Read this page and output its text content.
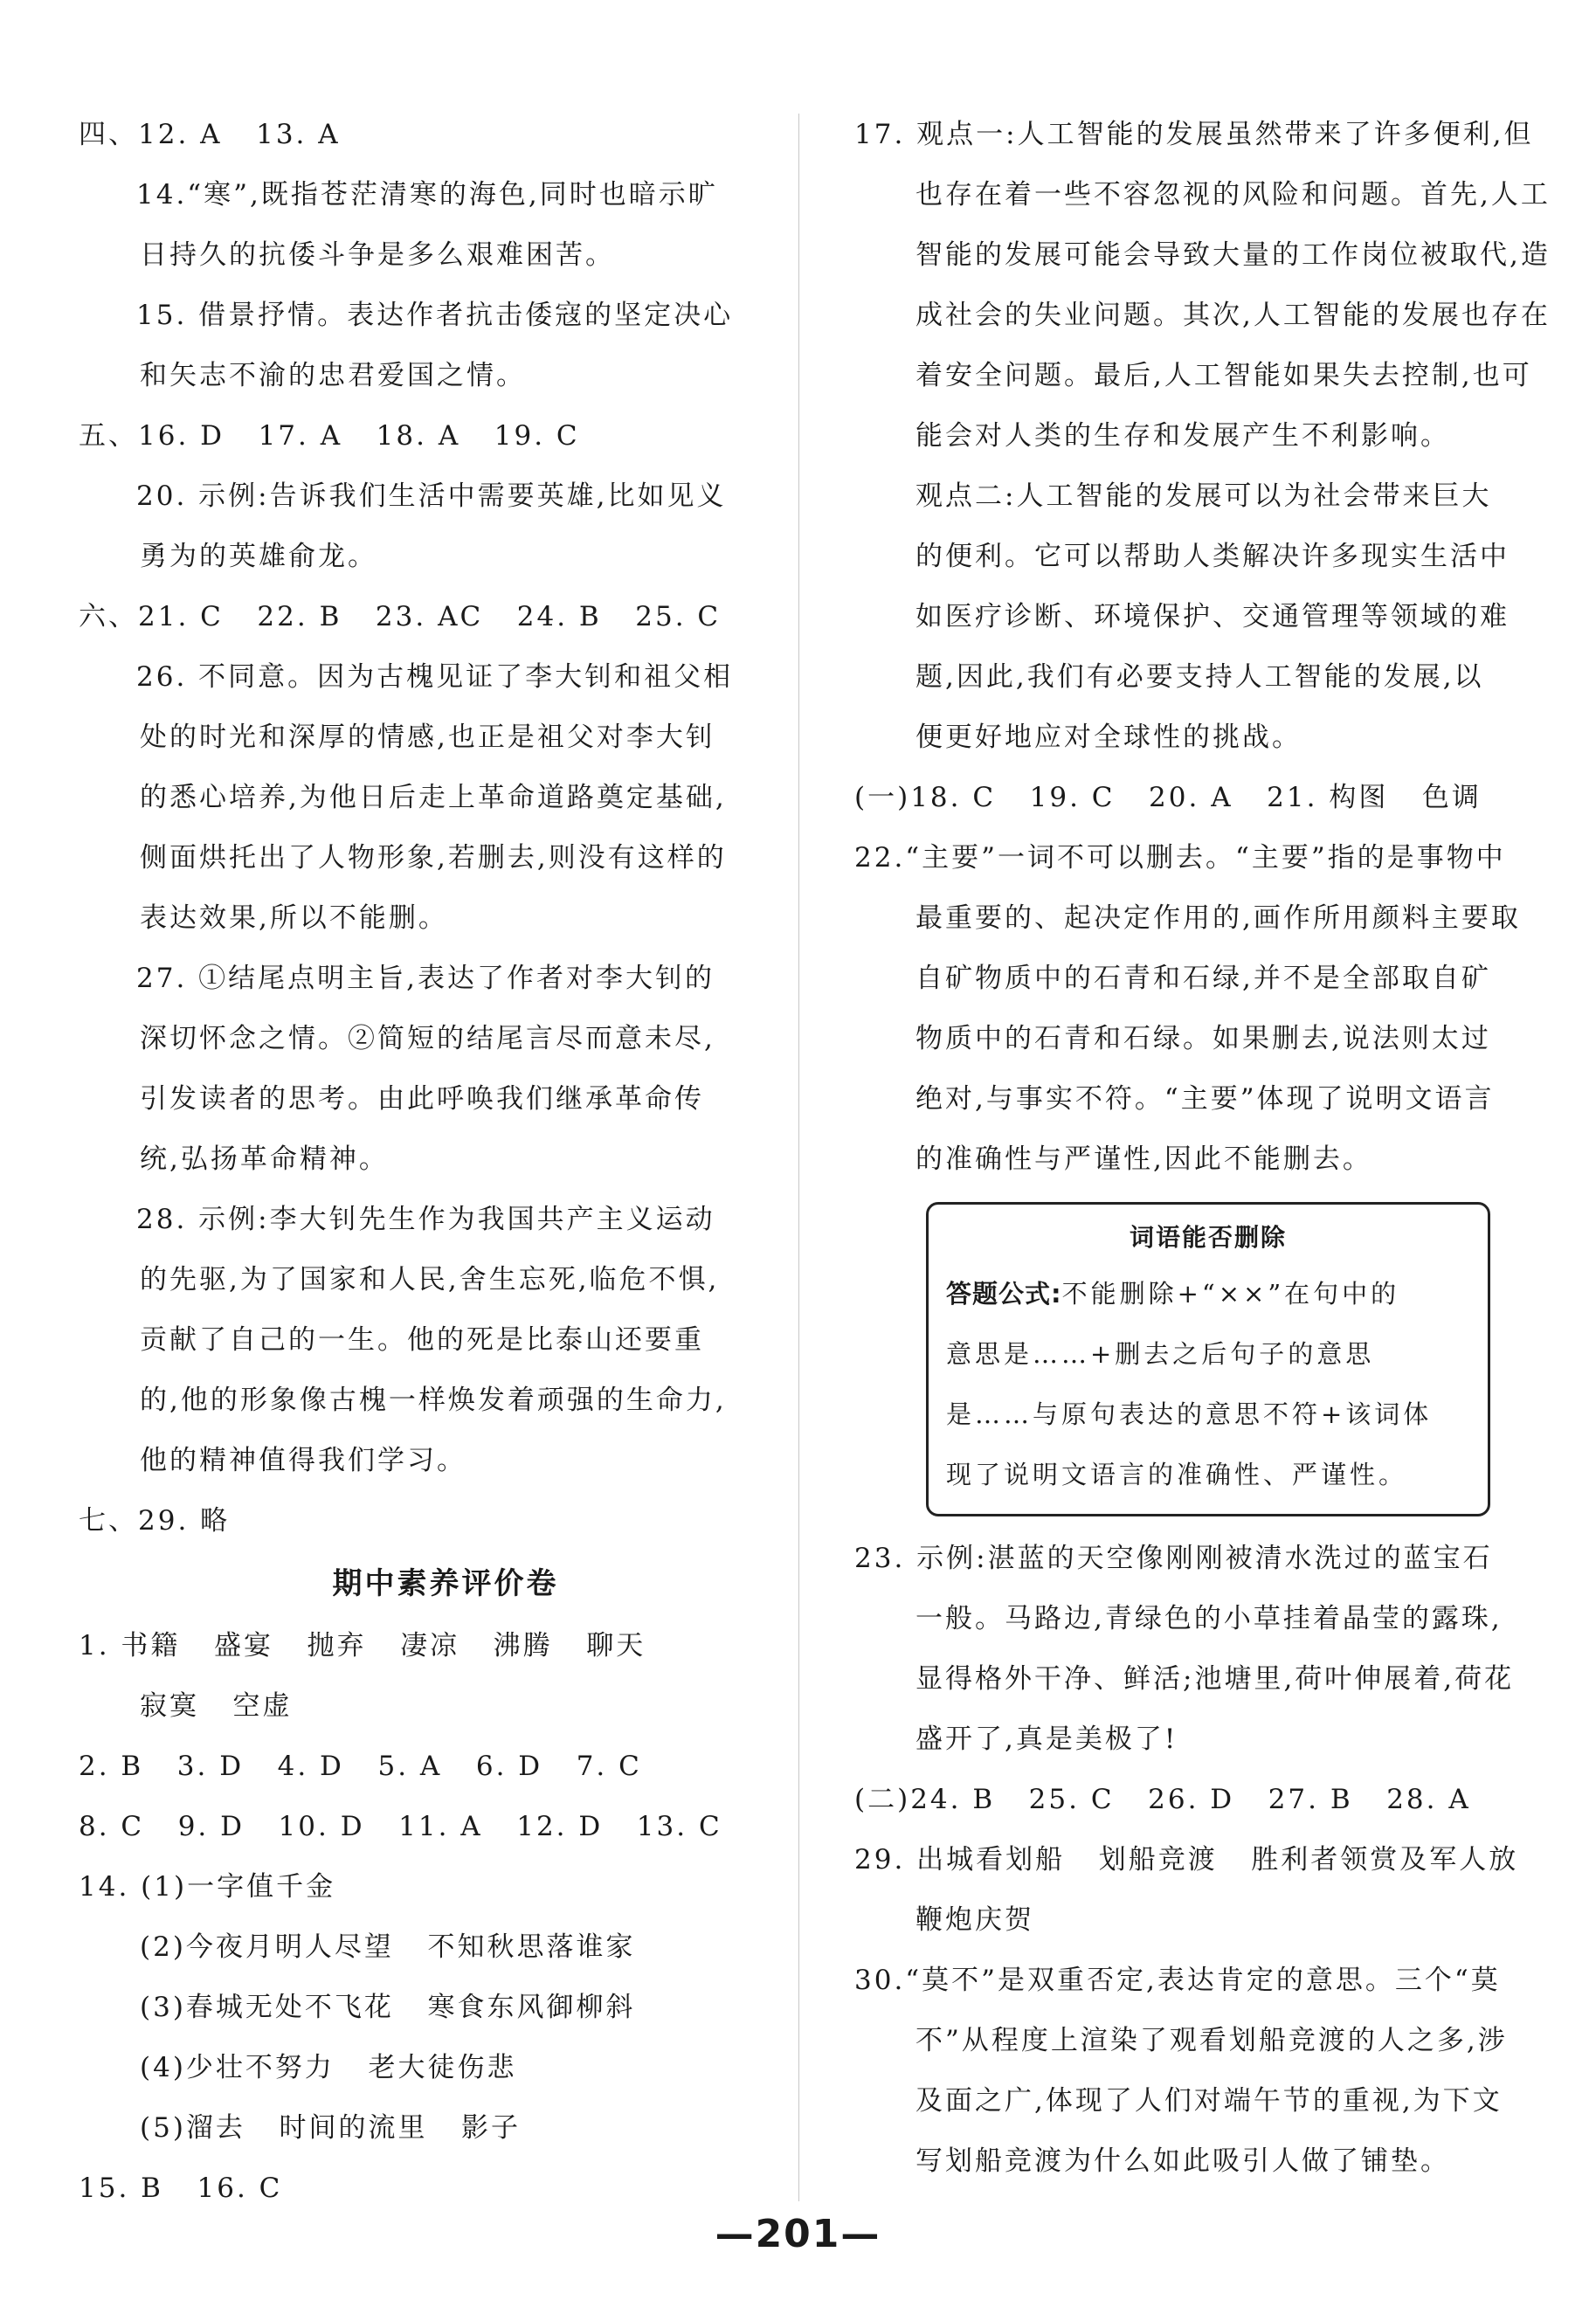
四、12. A   13. A
14.“寒”,既指苍茫清寒的海色,同时也暗示旷
日持久的抗倭斗争是多么艰难困苦。
15. 借景抒情。表达作者抗击倭寇的坚定决心
和矢志不渝的忠君爱国之情。
五、16. D   17. A   18. A   19. C
20. 示例:告诉我们生活中需要英雄,比如见义
勇为的英雄俞龙。
六、21. C   22. B   23. AC   24. B   25. C
26. 不同意。因为古槐见证了李大钊和祖父相
处的时光和深厚的情感,也正是祖父对李大钊
的悉心培养,为他日后走上革命道路奠定基础,
侧面烘托出了人物形象,若删去,则没有这样的
表达效果,所以不能删。
27. ①结尾点明主旨,表达了作者对李大钊的
深切怀念之情。②简短的结尾言尽而意未尽,
引发读者的思考。由此呼唤我们继承革命传
统,弘扬革命精神。
28. 示例:李大钊先生作为我国共产主义运动
的先驱,为了国家和人民,舍生忘死,临危不惧,
贡献了自己的一生。他的死是比泰山还要重
的,他的形象像古槐一样焕发着顽强的生命力,
他的精神值得我们学习。
七、29. 略
期中素养评价卷
1. 书籍   盛宴   抛弃   凄凉   沸腾   聊天
寂寞   空虚
2. B   3. D   4. D   5. A   6. D   7. C
8. C   9. D   10. D   11. A   12. D   13. C
14. (1)一字值千金
(2)今夜月明人尽望   不知秋思落谁家
(3)春城无处不飞花   寒食东风御柳斜
(4)少壮不努力   老大徒伤悲
(5)溜去   时间的流里   影子
15. B   16. C
17. 观点一:人工智能的发展虽然带来了许多便利,但
也存在着一些不容忽视的风险和问题。首先,人工
智能的发展可能会导致大量的工作岗位被取代,造
成社会的失业问题。其次,人工智能的发展也存在
着安全问题。最后,人工智能如果失去控制,也可
能会对人类的生存和发展产生不利影响。
观点二:人工智能的发展可以为社会带来巨大
的便利。它可以帮助人类解决许多现实生活中
如医疗诊断、环境保护、交通管理等领域的难
题,因此,我们有必要支持人工智能的发展,以
便更好地应对全球性的挑战。
(一)18. C   19. C   20. A   21. 构图   色调
22.“主要”一词不可以删去。“主要”指的是事物中
最重要的、起决定作用的,画作所用颜料主要取
自矿物质中的石青和石绿,并不是全部取自矿
物质中的石青和石绿。如果删去,说法则太过
绝对,与事实不符。“主要”体现了说明文语言
的准确性与严谨性,因此不能删去。
词语能否删除
答题公式:不能删除+“××”在句中的
意思是……+删去之后句子的意思
是……与原句表达的意思不符+该词体
现了说明文语言的准确性、严谨性。
23. 示例:湛蓝的天空像刚刚被清水洗过的蓝宝石
一般。马路边,青绿色的小草挂着晶莹的露珠,
显得格外干净、鲜活;池塘里,荷叶伸展着,荷花
盛开了,真是美极了!
(二)24. B   25. C   26. D   27. B   28. A
29. 出城看划船   划船竞渡   胜利者领赏及军人放
鞭炮庆贺
30.“莫不”是双重否定,表达肯定的意思。三个“莫
不”从程度上渲染了观看划船竞渡的人之多,涉
及面之广,体现了人们对端午节的重视,为下文
写划船竞渡为什么如此吸引人做了铺垫。
—201—
